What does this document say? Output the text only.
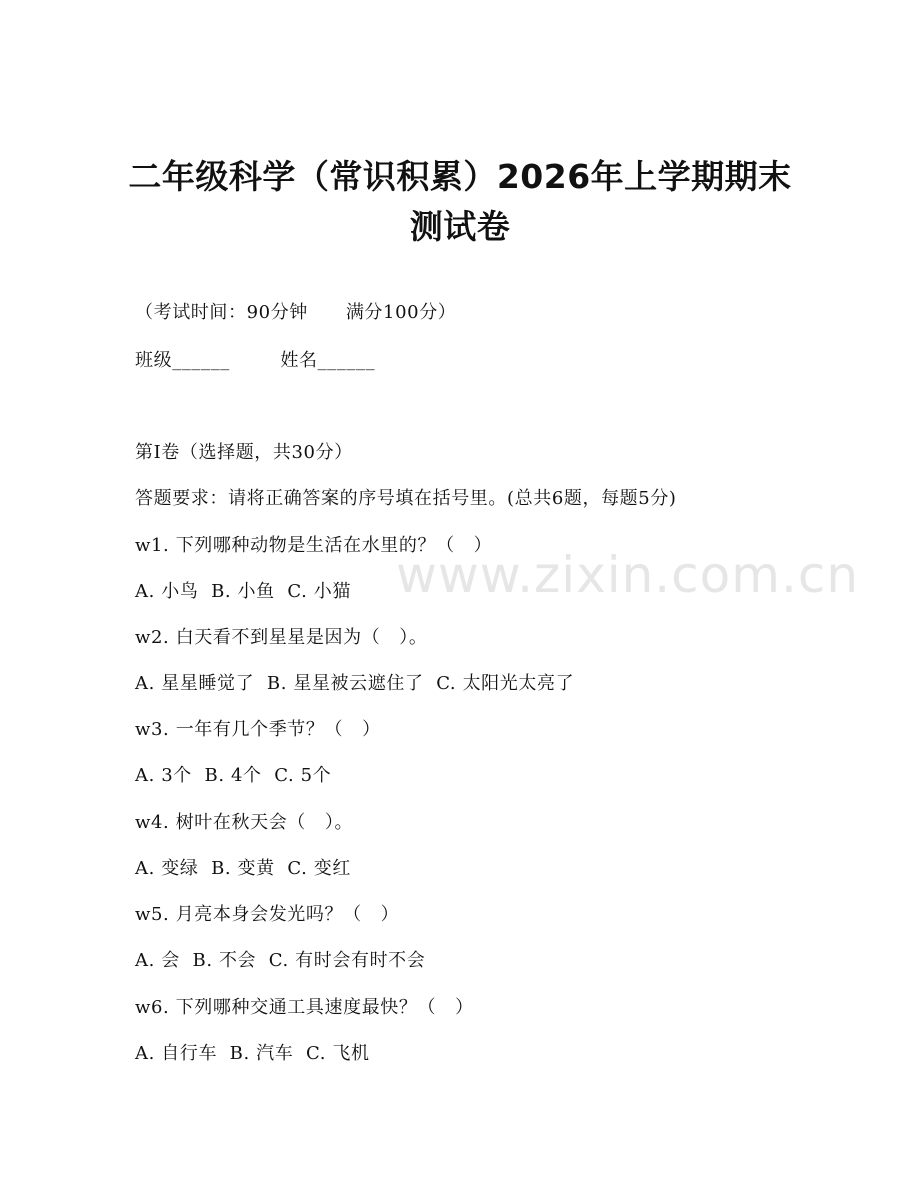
www.zixin.com.cn
二年级科学（常识积累）2026年上学期期末
测试卷
（考试时间：90分钟      满分100分）
班级______        姓名______
第I卷（选择题，共30分）
答题要求：请将正确答案的序号填在括号里。(总共6题，每题5分)
w1. 下列哪种动物是生活在水里的？（   ）
A. 小鸟  B. 小鱼  C. 小猫
w2. 白天看不到星星是因为（   ）。
A. 星星睡觉了  B. 星星被云遮住了  C. 太阳光太亮了
w3. 一年有几个季节？（   ）
A. 3个  B. 4个  C. 5个
w4. 树叶在秋天会（   ）。
A. 变绿  B. 变黄  C. 变红
w5. 月亮本身会发光吗？（   ）
A. 会  B. 不会  C. 有时会有时不会
w6. 下列哪种交通工具速度最快？（   ）
A. 自行车  B. 汽车  C. 飞机
